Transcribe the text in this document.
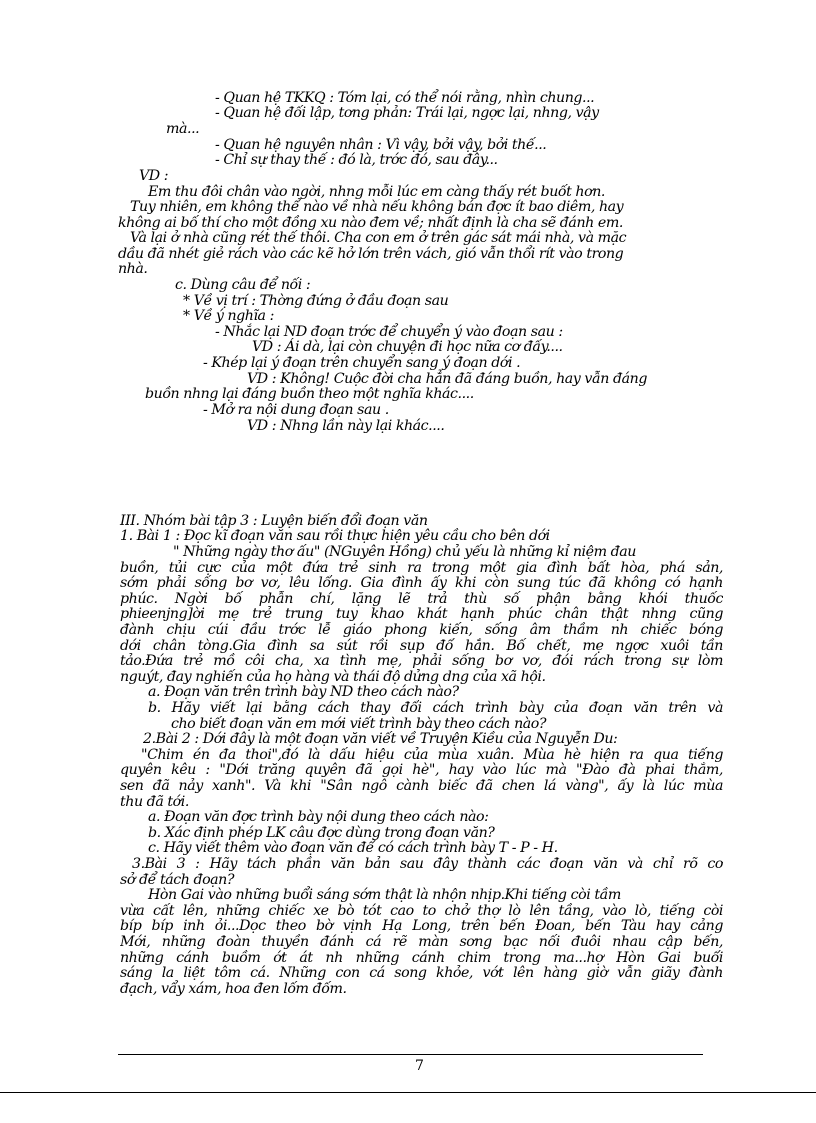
- Quan hệ TKKQ : Tóm lại, có thể nói rằng, nhìn chung...
- Quan hệ đối lập, tơng phản: Trái lại, ngợc lại, nhng, vậy
mà...
- Quan hệ nguyên nhân : Vì vậy, bởi vậy, bởi thế...
- Chỉ sự thay thế : đó là, trớc đó, sau đây...
VD :
Em thu đôi chân vào ngời, nhng mỗi lúc em càng thấy rét buốt hơn.
Tuy nhiên, em không thể nào về nhà nếu không bán đợc ít bao diêm, hay
không ai bố thí cho một đồng xu nào đem về; nhất định là cha sẽ đánh em.
Và lại ở nhà cũng rét thế thôi. Cha con em ở trên gác sát mái nhà, và mặc
dầu đã nhét giẻ rách vào các kẽ hở lớn trên vách, gió vẫn thổi rít vào trong
nhà.
c. Dùng câu để nối :
* Về vị trí : Thờng đứng ở đầu đoạn sau
* Về ý nghĩa :
- Nhắc lại ND đoạn trớc để chuyển ý vào đoạn sau :
VD : Ái dà, lại còn chuyện đi học nữa cơ đấy....
- Khép lại ý đoạn trên chuyển sang ý đoạn dới .
VD : Không! Cuộc đời cha hẳn đã đáng buồn, hay vẫn đáng
buồn nhng lại đáng buồn theo một nghĩa khác....
- Mở ra nội dung đoạn sau .
VD : Nhng lần này lại khác....
III. Nhóm bài tập 3 : Luyện biến đổi đoạn văn
1. Bài 1 : Đọc kĩ đoạn văn sau rồi thực hiện yêu cầu cho bên dới
" Những ngày thơ ấu" (NGuyên Hồng) chủ yếu là những kỉ niệm đau
buồn, tủi cực của một đứa trẻ sinh ra trong một gia đình bất hòa, phá sản,
sớm phải sống bơ vơ, lêu lổng. Gia đình ấy khi còn sung túc đã không có hạnh
phúc. Ngời bố phẫn chí, lặng lẽ trả thù số phận bằng khói thuốc
phieenjng]ời mẹ trẻ trung tuy khao khát hạnh phúc chân thật nhng cũng
đành chịu cúi đầu trớc lễ giáo phong kiến, sống âm thầm nh chiếc bóng
dới chân tòng.Gia đình sa sút rồi sụp đổ hẳn. Bố chết, mẹ ngợc xuôi tần
tảo.Đứa trẻ mồ côi cha, xa tình mẹ, phải sống bơ vơ, đói rách trong sự lòm
nguýt, đay nghiến của họ hàng và thái độ dửng dng của xã hội.
a. Đoạn văn trên trình bày ND theo cách nào?
b. Hãy viết lại bằng cách thay đổi cách trình bày của đoạn văn trên và
cho biết đoạn văn em mới viết trình bày theo cách nào?
2.Bài 2 : Dới đây là một đoạn văn viết về Truyện Kiều của Nguyễn Du:
"Chim én đa thoi",đó là dấu hiệu của mùa xuân. Mùa hè hiện ra qua tiếng
quyên kêu : "Dới trăng quyên đã gọi hè", hay vào lúc mà "Đào đà phai thắm,
sen đã nảy xanh". Và khi "Sân ngô cành biếc đã chen lá vàng", ấy là lúc mùa
thu đã tới.
a. Đoạn văn đợc trình bày nội dung theo cách nào:
b. Xác định phép LK câu đợc dùng trong đoạn văn?
c. Hãy viết thêm vào đoạn văn để có cách trình bày T - P - H.
3.Bài 3 : Hãy tách phần văn bản sau đây thành các đoạn văn và chỉ rõ cơ
sở để tách đoạn?
Hòn Gai vào những buổi sáng sớm thật là nhộn nhịp.Khi tiếng còi tầm
vừa cất lên, những chiếc xe bò tót cao to chở thợ lò lên tầng, vào lò, tiếng còi
bíp bíp inh ỏi...Dọc theo bờ vịnh Hạ Long, trên bến Đoan, bến Tàu hay cảng
Mới, những đoàn thuyền đánh cá rẽ màn sơng bạc nối đuôi nhau cập bến,
những cánh buồm ớt át nh những cánh chim trong ma...hợ Hòn Gai buổi
sáng la liệt tôm cá. Những con cá song khỏe, vớt lên hàng giờ vẫn giãy đành
đạch, vẩy xám, hoa đen lốm đốm.
7
